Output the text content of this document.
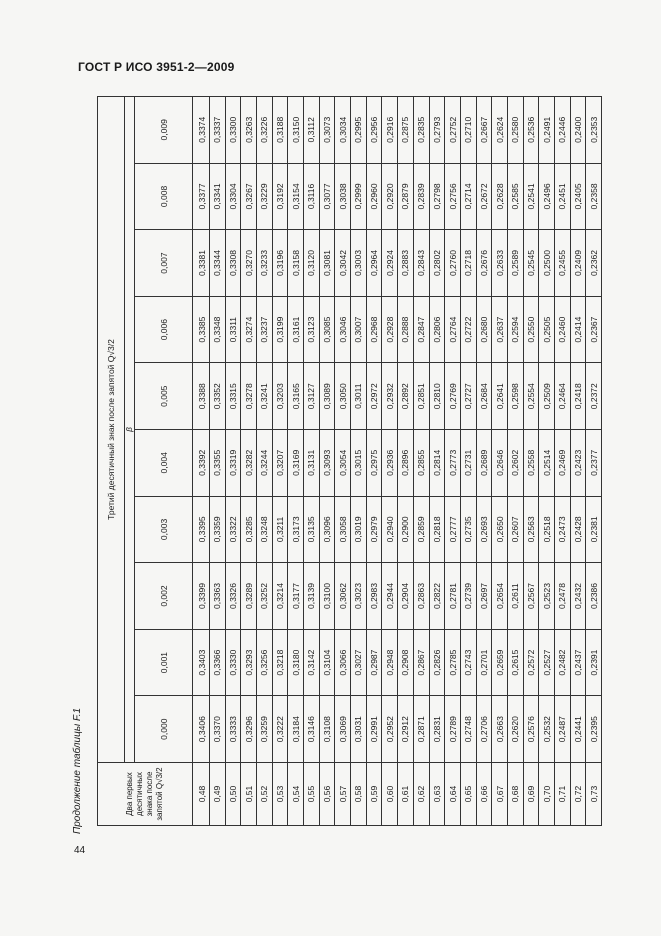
ГОСТ Р ИСО 3951-2—2009
44
Продолжение таблицы F.1	Два первых десятичных знака после запятой Q√3/2	Третий десятичный знак после запятой Q√3/2									
	β									
	0,000	0,001	0,002	0,003	0,004	0,005	0,006	0,007	0,008	0,009
0,48	0,3406	0,3403	0,3399	0,3395	0,3392	0,3388	0,3385	0,3381	0,3377	0,3374
0,49	0,3370	0,3366	0,3363	0,3359	0,3355	0,3352	0,3348	0,3344	0,3341	0,3337
0,50	0,3333	0,3330	0,3326	0,3322	0,3319	0,3315	0,3311	0,3308	0,3304	0,3300
0,51	0,3296	0,3293	0,3289	0,3285	0,3282	0,3278	0,3274	0,3270	0,3267	0,3263
0,52	0,3259	0,3256	0,3252	0,3248	0,3244	0,3241	0,3237	0,3233	0,3229	0,3226
0,53	0,3222	0,3218	0,3214	0,3211	0,3207	0,3203	0,3199	0,3196	0,3192	0,3188
0,54	0,3184	0,3180	0,3177	0,3173	0,3169	0,3165	0,3161	0,3158	0,3154	0,3150
0,55	0,3146	0,3142	0,3139	0,3135	0,3131	0,3127	0,3123	0,3120	0,3116	0,3112
0,56	0,3108	0,3104	0,3100	0,3096	0,3093	0,3089	0,3085	0,3081	0,3077	0,3073
0,57	0,3069	0,3066	0,3062	0,3058	0,3054	0,3050	0,3046	0,3042	0,3038	0,3034
0,58	0,3031	0,3027	0,3023	0,3019	0,3015	0,3011	0,3007	0,3003	0,2999	0,2995
0,59	0,2991	0,2987	0,2983	0,2979	0,2975	0,2972	0,2968	0,2964	0,2960	0,2956
0,60	0,2952	0,2948	0,2944	0,2940	0,2936	0,2932	0,2928	0,2924	0,2920	0,2916
0,61	0,2912	0,2908	0,2904	0,2900	0,2896	0,2892	0,2888	0,2883	0,2879	0,2875
0,62	0,2871	0,2867	0,2863	0,2859	0,2855	0,2851	0,2847	0,2843	0,2839	0,2835
0,63	0,2831	0,2826	0,2822	0,2818	0,2814	0,2810	0,2806	0,2802	0,2798	0,2793
0,64	0,2789	0,2785	0,2781	0,2777	0,2773	0,2769	0,2764	0,2760	0,2756	0,2752
0,65	0,2748	0,2743	0,2739	0,2735	0,2731	0,2727	0,2722	0,2718	0,2714	0,2710
0,66	0,2706	0,2701	0,2697	0,2693	0,2689	0,2684	0,2680	0,2676	0,2672	0,2667
0,67	0,2663	0,2659	0,2654	0,2650	0,2646	0,2641	0,2637	0,2633	0,2628	0,2624
0,68	0,2620	0,2615	0,2611	0,2607	0,2602	0,2598	0,2594	0,2589	0,2585	0,2580
0,69	0,2576	0,2572	0,2567	0,2563	0,2558	0,2554	0,2550	0,2545	0,2541	0,2536
0,70	0,2532	0,2527	0,2523	0,2518	0,2514	0,2509	0,2505	0,2500	0,2496	0,2491
0,71	0,2487	0,2482	0,2478	0,2473	0,2469	0,2464	0,2460	0,2455	0,2451	0,2446
0,72	0,2441	0,2437	0,2432	0,2428	0,2423	0,2418	0,2414	0,2409	0,2405	0,2400
0,73	0,2395	0,2391	0,2386	0,2381	0,2377	0,2372	0,2367	0,2362	0,2358	0,2353
